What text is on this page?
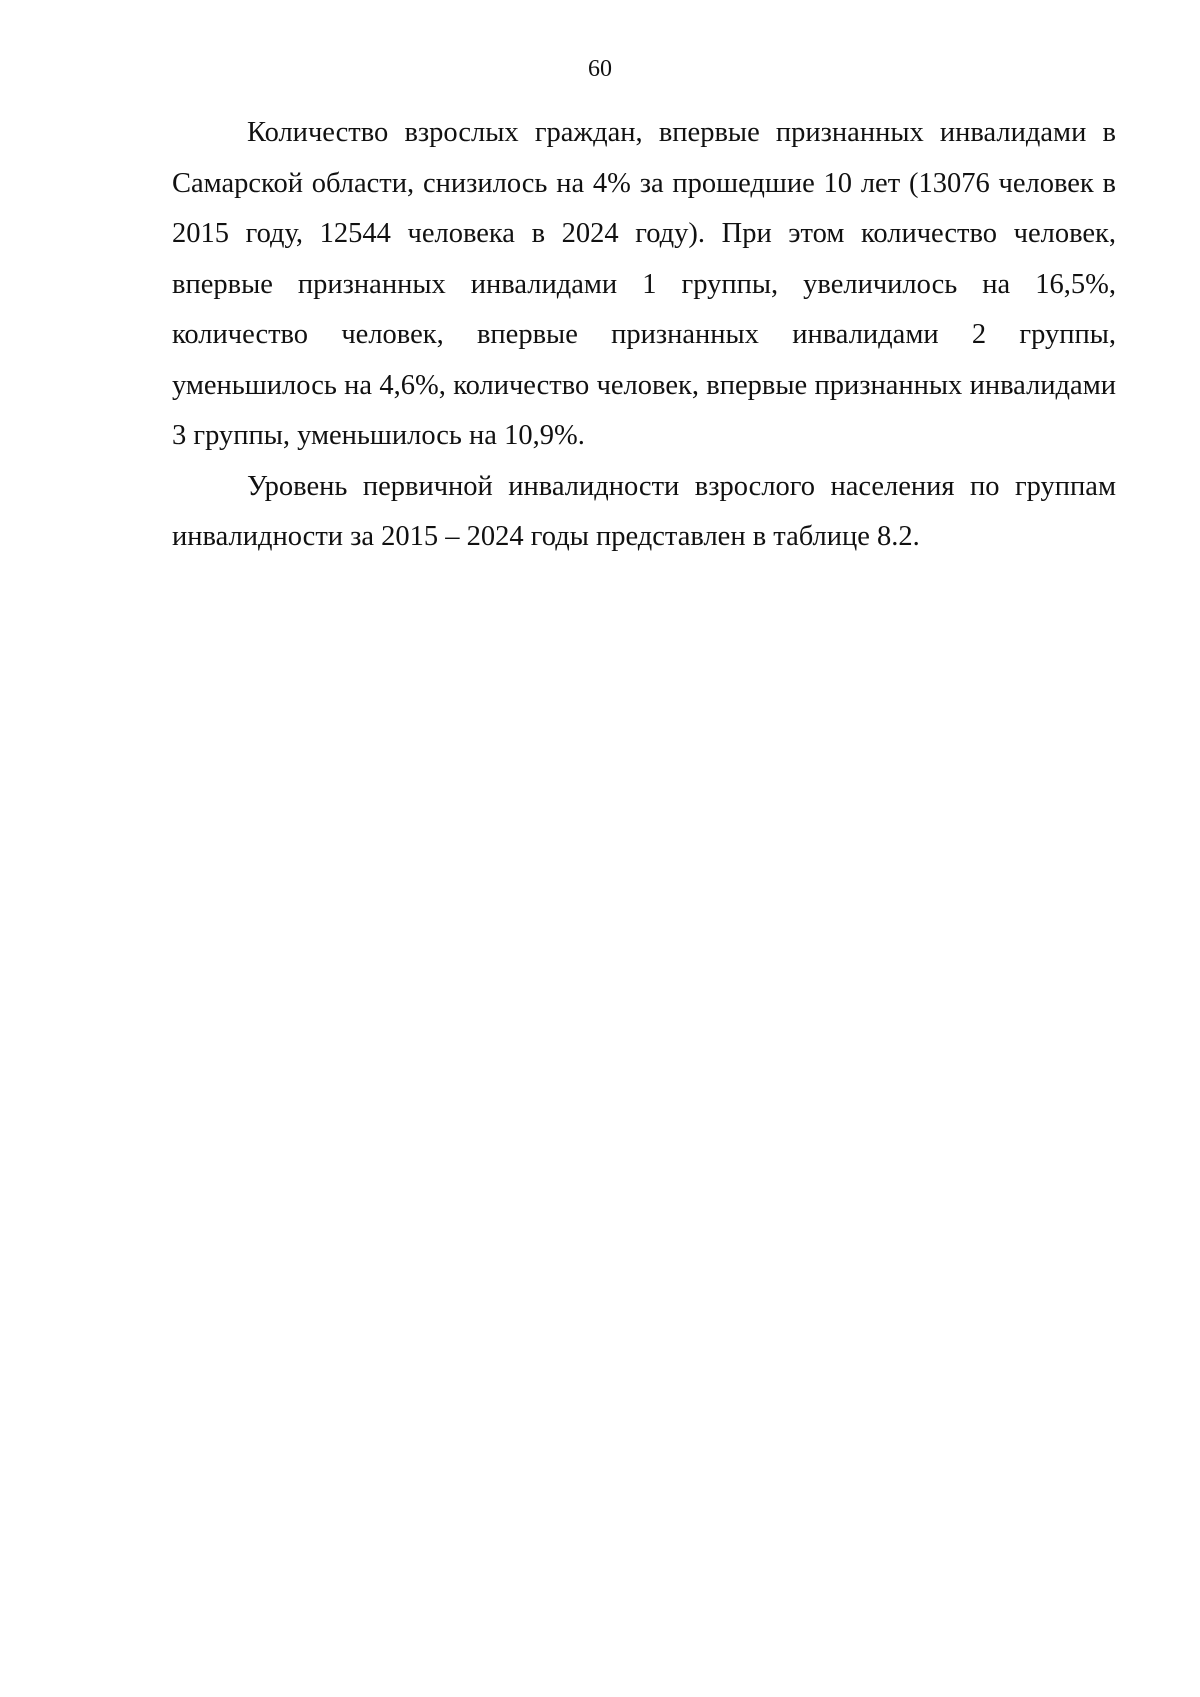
60

Количество взрослых граждан, впервые признанных инвалидами в Самарской области, снизилось на 4% за прошедшие 10 лет (13076 человек в 2015 году, 12544 человека в 2024 году). При этом количество человек, впервые признанных инвалидами 1 группы, увеличилось на 16,5%, количество человек, впервые признанных инвалидами 2 группы, уменьшилось на 4,6%, количество человек, впервые признанных инвалидами 3 группы, уменьшилось на 10,9%.

Уровень первичной инвалидности взрослого населения по группам инвалидности за 2015 – 2024 годы представлен в таблице 8.2.
